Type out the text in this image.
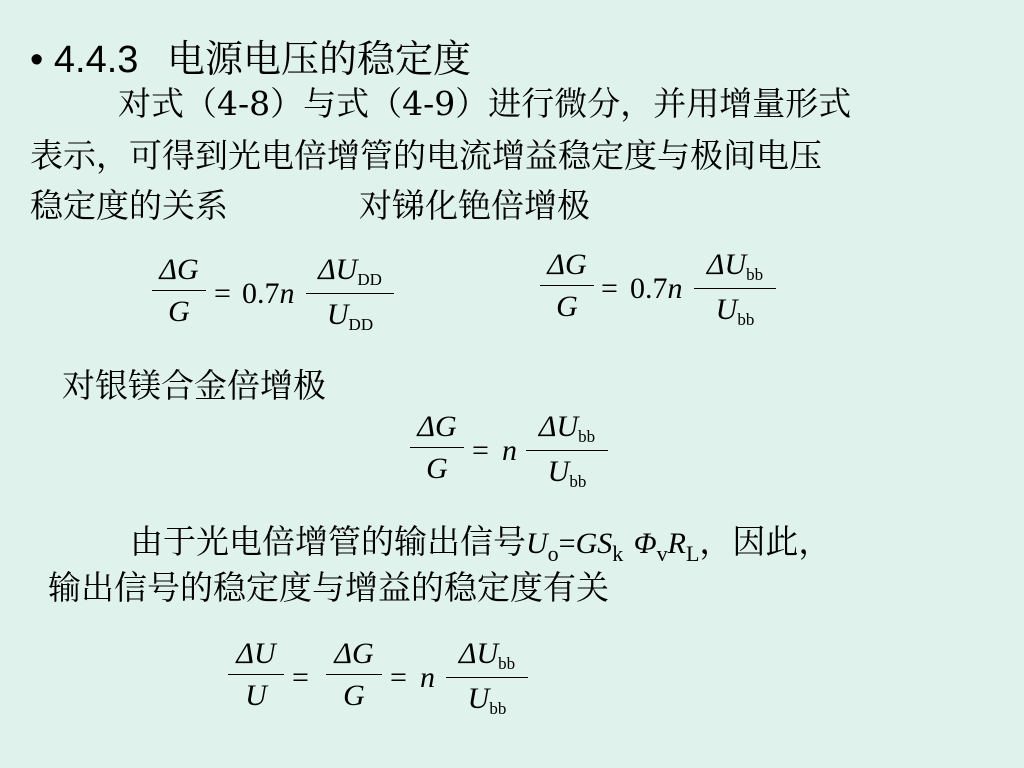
• 4.4.3 电源电压的稳定度
对式（4-8）与式（4-9）进行微分，并用增量形式
表示，可得到光电倍增管的电流增益稳定度与极间电压
稳定度的关系	对锑化铯倍增极
ΔG
G
= 0.7n
$\Delta U_{DD}$
$U_{DD}$
ΔG
G
= 0.7n
$\Delta U_{bb}$
$U_{bb}$
对银镁合金倍增极
ΔG
G
= n
$\Delta U_{bb}$
$U_{bb}$
由于光电倍增管的输出信号$U_o=GS_k$ $\Phi_vR_L$，因此，
输出信号的稳定度与增益的稳定度有关
ΔU
U
=
ΔG
G
= n
$\Delta U_{bb}$
$U_{bb}$
